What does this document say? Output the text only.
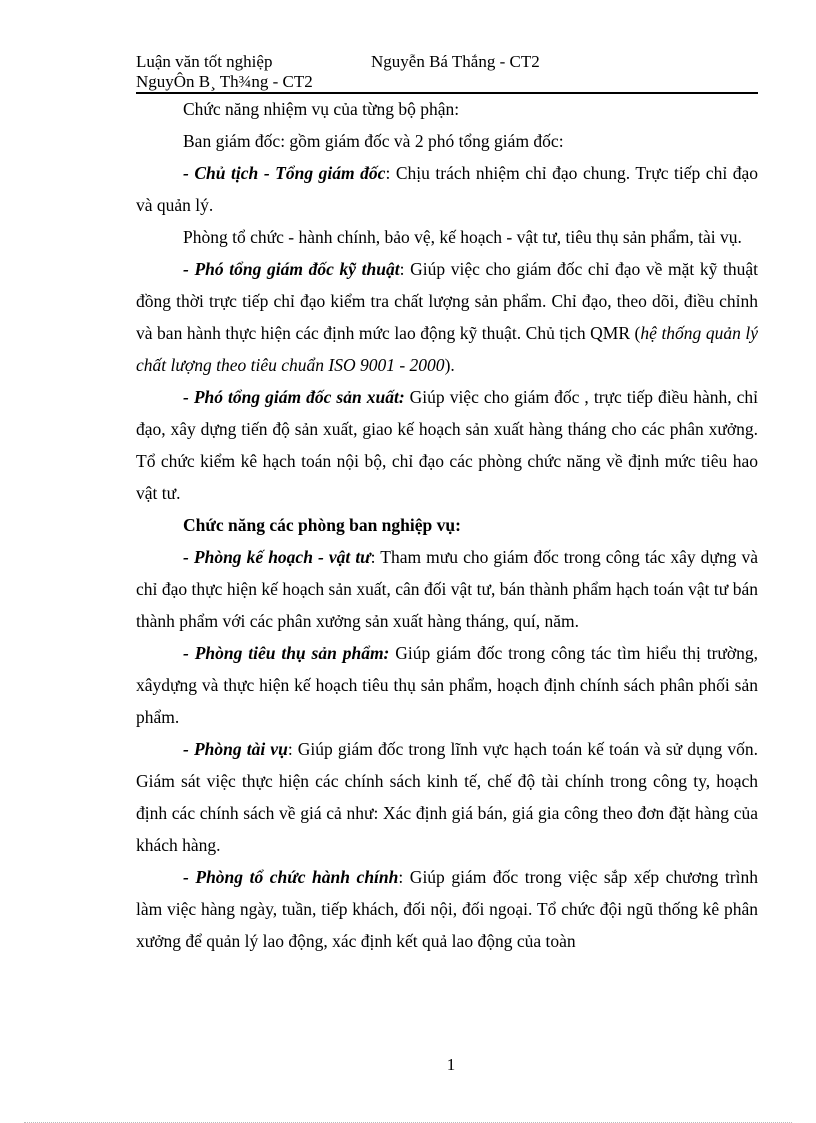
Luận văn tốt nghiệp	Nguyễn Bá Thắng - CT2
NguyÔn B¸ Th¾ng - CT2

Chức năng nhiệm vụ của từng bộ phận:

Ban giám đốc: gồm giám đốc và 2 phó tổng giám đốc:

- Chủ tịch - Tổng giám đốc: Chịu trách nhiệm chỉ đạo chung. Trực tiếp chỉ đạo và quản lý.

Phòng tổ chức - hành chính, bảo vệ, kế hoạch - vật tư, tiêu thụ sản phẩm, tài vụ.

- Phó tổng giám đốc kỹ thuật: Giúp việc cho giám đốc chỉ đạo về mặt kỹ thuật đồng thời trực tiếp chỉ đạo kiểm tra chất lượng sản phẩm. Chỉ đạo, theo dõi, điều chỉnh và ban hành thực hiện các định mức lao động kỹ thuật. Chủ tịch QMR (hệ thống quản lý chất lượng theo tiêu chuẩn ISO 9001 - 2000).

- Phó tổng giám đốc sản xuất: Giúp việc cho giám đốc , trực tiếp điều hành, chỉ đạo, xây dựng tiến độ sản xuất, giao kế hoạch sản xuất hàng tháng cho các phân xưởng. Tổ chức kiểm kê hạch toán nội bộ, chỉ đạo các phòng chức năng về định mức tiêu hao vật tư.

Chức năng các phòng ban nghiệp vụ:

- Phòng kế hoạch - vật tư: Tham mưu cho giám đốc trong công tác xây dựng và chỉ đạo thực hiện kế hoạch sản xuất, cân đối vật tư, bán thành phẩm hạch toán vật tư bán thành phẩm với các phân xưởng sản xuất hàng tháng, quí, năm.

- Phòng tiêu thụ sản phẩm: Giúp giám đốc trong công tác tìm hiểu thị trường, xâydựng và thực hiện kế hoạch tiêu thụ sản phẩm, hoạch định chính sách phân phối sản phẩm.

- Phòng tài vụ: Giúp giám đốc trong lĩnh vực hạch toán kế toán và sử dụng vốn. Giám sát việc thực hiện các chính sách kinh tế, chế độ tài chính trong công ty, hoạch định các chính sách về giá cả như: Xác định giá bán, giá gia công theo đơn đặt hàng của khách hàng.

- Phòng tổ chức hành chính: Giúp giám đốc trong việc sắp xếp chương trình làm việc hàng ngày, tuần, tiếp khách, đối nội, đối ngoại. Tổ chức đội ngũ thống kê phân xưởng để quản lý lao động, xác định kết quả lao động của toàn

1
